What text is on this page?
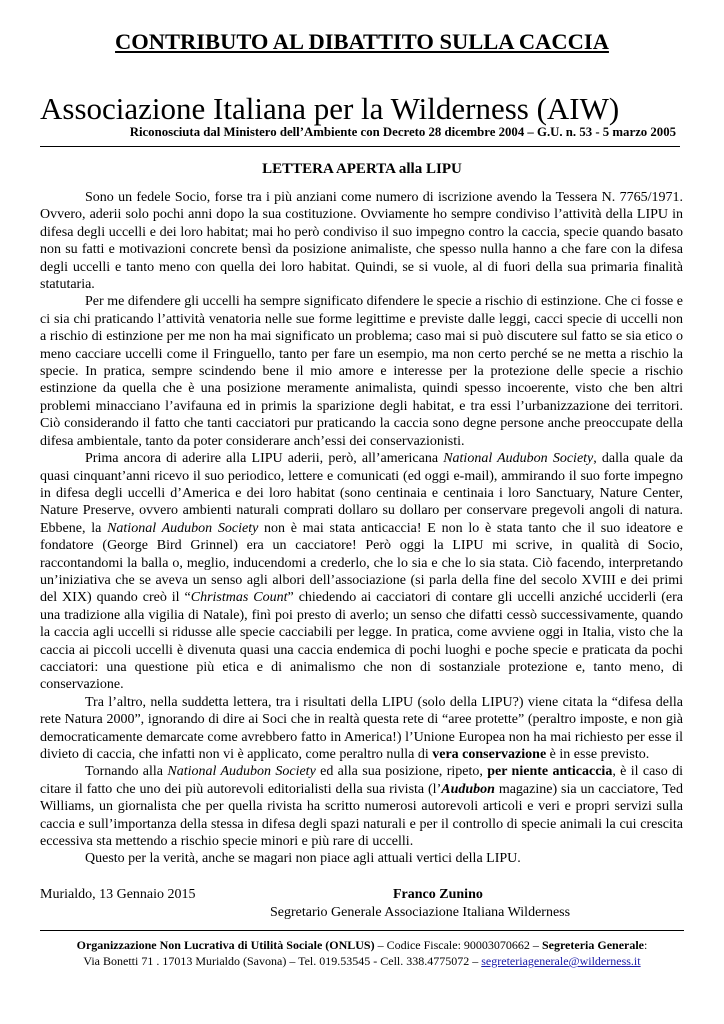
CONTRIBUTO AL DIBATTITO SULLA CACCIA
Associazione Italiana per la Wilderness (AIW)
Riconosciuta dal Ministero dell’Ambiente con Decreto 28 dicembre 2004 – G.U. n. 53 - 5 marzo 2005
LETTERA APERTA alla LIPU

Sono un fedele Socio, forse tra i più anziani come numero di iscrizione avendo la Tessera N. 7765/1971. Ovvero, aderii solo pochi anni dopo la sua costituzione. Ovviamente ho sempre condiviso l’attività della LIPU in difesa degli uccelli e dei loro habitat; mai ho però condiviso il suo impegno contro la caccia, specie quando basato non su fatti e motivazioni concrete bensì da posizione animaliste, che spesso nulla hanno a che fare con la difesa degli uccelli e tanto meno con quella dei loro habitat. Quindi, se si vuole, al di fuori della sua primaria finalità statutaria.

Per me difendere gli uccelli ha sempre significato difendere le specie a rischio di estinzione. Che ci fosse e ci sia chi praticando l’attività venatoria nelle sue forme legittime e previste dalle leggi, cacci specie di uccelli non a rischio di estinzione per me non ha mai significato un problema; caso mai si può discutere sul fatto se sia etico o meno cacciare uccelli come il Fringuello, tanto per fare un esempio, ma non certo perché se ne metta a rischio la specie. In pratica, sempre scindendo bene il mio amore e interesse per la protezione delle specie a rischio estinzione da quella che è una posizione meramente animalista, quindi spesso incoerente, visto che ben altri problemi minacciano l’avifauna ed in primis la sparizione degli habitat, e tra essi l’urbanizzazione dei territori. Ciò considerando il fatto che tanti cacciatori pur praticando la caccia sono degne persone anche preoccupate della difesa ambientale, tanto da poter considerare anch’essi dei conservazionisti.

Prima ancora di aderire alla LIPU aderii, però, all’americana National Audubon Society, dalla quale da quasi cinquant’anni ricevo il suo periodico, lettere e comunicati (ed oggi e-mail), ammirando il suo forte impegno in difesa degli uccelli d’America e dei loro habitat (sono centinaia e centinaia i loro Sanctuary, Nature Center, Nature Preserve, ovvero ambienti naturali comprati dollaro su dollaro per conservare pregevoli angoli di natura. Ebbene, la National Audubon Society non è mai stata anticaccia! E non lo è stata tanto che il suo ideatore e fondatore (George Bird Grinnel) era un cacciatore! Però oggi la LIPU mi scrive, in qualità di Socio, raccontandomi la balla o, meglio, inducendomi a crederlo, che lo sia e che lo sia stata. Ciò facendo, interpretando un’iniziativa che se aveva un senso agli albori dell’associazione (si parla della fine del secolo XVIII e dei primi del XIX) quando creò il “Christmas Count” chiedendo ai cacciatori di contare gli uccelli anziché ucciderli (era una tradizione alla vigilia di Natale), finì poi presto di averlo; un senso che difatti cessò successivamente, quando la caccia agli uccelli si ridusse alle specie cacciabili per legge. In pratica, come avviene oggi in Italia, visto che la caccia ai piccoli uccelli è divenuta quasi una caccia endemica di pochi luoghi e poche specie e praticata da pochi cacciatori: una questione più etica e di animalismo che non di sostanziale protezione e, tanto meno, di conservazione.

Tra l’altro, nella suddetta lettera, tra i risultati della LIPU (solo della LIPU?) viene citata la “difesa della rete Natura 2000”, ignorando di dire ai Soci che in realtà questa rete di “aree protette” (peraltro imposte, e non già democraticamente demarcate come avrebbero fatto in America!) l’Unione Europea non ha mai richiesto per esse il divieto di caccia, che infatti non vi è applicato, come peraltro nulla di vera conservazione è in esse previsto.

Tornando alla National Audubon Society ed alla sua posizione, ripeto, per niente anticaccia, è il caso di citare il fatto che uno dei più autorevoli editorialisti della sua rivista (l’Audubon magazine) sia un cacciatore, Ted Williams, un giornalista che per quella rivista ha scritto numerosi autorevoli articoli e veri e propri servizi sulla caccia e sull’importanza della stessa in difesa degli spazi naturali e per il controllo di specie animali la cui crescita eccessiva sta mettendo a rischio specie minori e più rare di uccelli.

Questo per la verità, anche se magari non piace agli attuali vertici della LIPU.

Murialdo, 13 Gennaio 2015	Franco Zunino
Segretario Generale Associazione Italiana Wilderness
Organizzazione Non Lucrativa di Utilità Sociale (ONLUS) – Codice Fiscale: 90003070662 – Segreteria Generale:
Via Bonetti 71 . 17013 Murialdo (Savona) – Tel. 019.53545 - Cell. 338.4775072 – segreteriagenerale@wilderness.it
